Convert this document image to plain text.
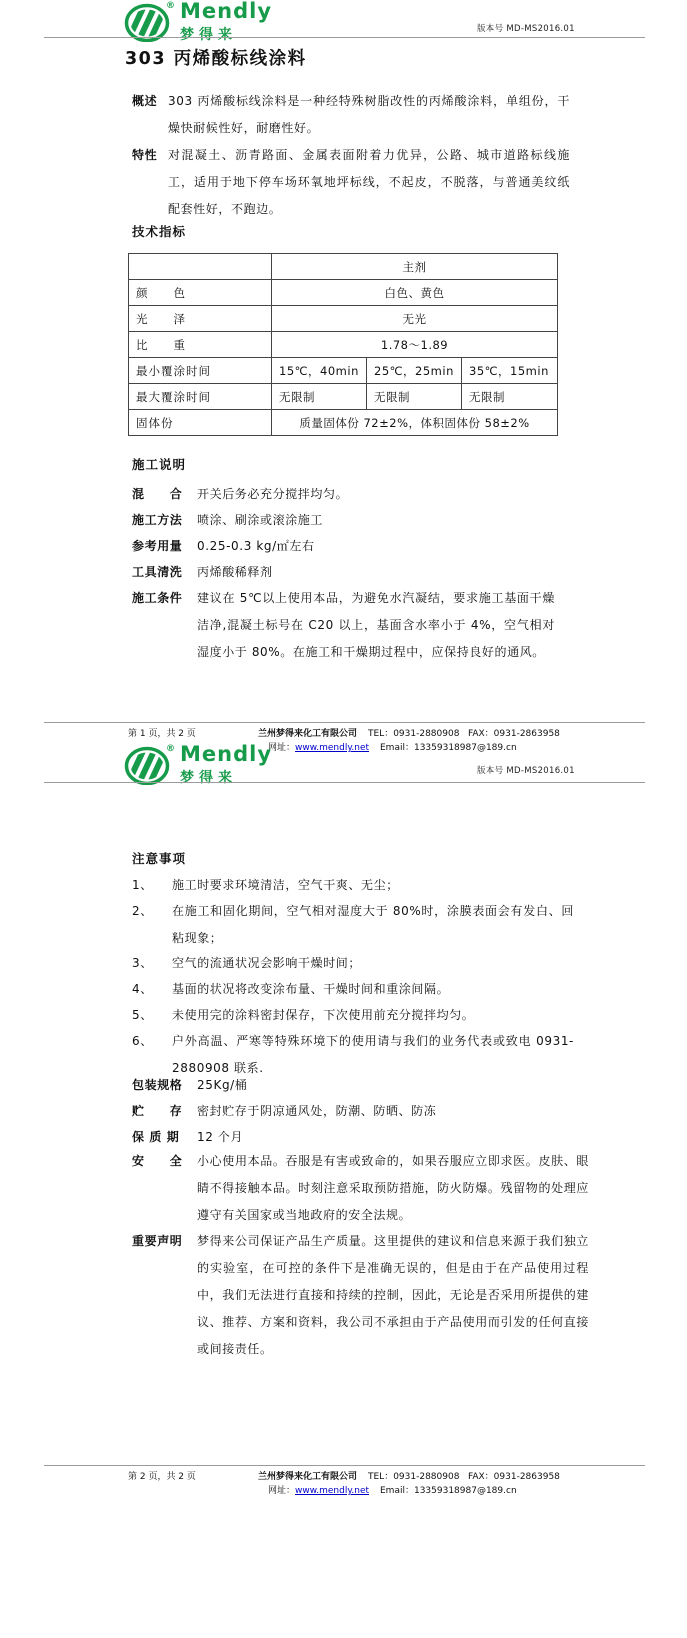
® Mendly
梦得来	版本号 MD-MS2016.01
303 丙烯酸标线涂料
概述 303 丙烯酸标线涂料是一种经特殊树脂改性的丙烯酸涂料，单组份，干燥快耐候性好，耐磨性好。
特性 对混凝土、沥青路面、金属表面附着力优异，公路、城市道路标线施工，适用于地下停车场环氧地坪标线，不起皮，不脱落，与普通美纹纸配套性好，不跑边。
技术指标
	主剂		
颜　　色	白色、黄色		
光　　泽	无光		
比　　重	1.78～1.89		
最小覆涂时间	15℃，40min	25℃，25min	35℃，15min
最大覆涂时间	无限制	无限制	无限制
固体份	质量固体份 72±2%，体积固体份 58±2%		
施工说明
混　　合 开关后务必充分搅拌均匀。
施工方法 喷涂、刷涂或滚涂施工
参考用量 0.25-0.3 kg/㎡左右
工具清洗 丙烯酸稀释剂
施工条件 建议在 5℃以上使用本品，为避免水汽凝结，要求施工基面干燥洁净,混凝土标号在 C20 以上，基面含水率小于 4%，空气相对湿度小于 80%。在施工和干燥期过程中，应保持良好的通风。
第 1 页，共 2 页	兰州梦得来化工有限公司 TEL：0931-2880908 FAX：0931-2863958
网址：www.mendly.net Email：13359318987@189.cn
® Mendly
梦得来	版本号 MD-MS2016.01
注意事项
1、 施工时要求环境清洁，空气干爽、无尘；
2、 在施工和固化期间，空气相对湿度大于 80%时，涂膜表面会有发白、回粘现象；
3、 空气的流通状况会影响干燥时间；
4、 基面的状况将改变涂布量、干燥时间和重涂间隔。
5、 未使用完的涂料密封保存，下次使用前充分搅拌均匀。
6、 户外高温、严寒等特殊环境下的使用请与我们的业务代表或致电 0931-2880908 联系.
包装规格 25Kg/桶
贮　　存 密封贮存于阴凉通风处，防潮、防晒、防冻
保 质 期 12 个月
安　　全 小心使用本品。吞服是有害或致命的，如果吞服应立即求医。皮肤、眼睛不得接触本品。时刻注意采取预防措施，防火防爆。残留物的处理应遵守有关国家或当地政府的安全法规。
重要声明 梦得来公司保证产品生产质量。这里提供的建议和信息来源于我们独立的实验室，在可控的条件下是准确无误的，但是由于在产品使用过程中，我们无法进行直接和持续的控制，因此，无论是否采用所提供的建议、推荐、方案和资料，我公司不承担由于产品使用而引发的任何直接或间接责任。
第 2 页，共 2 页	兰州梦得来化工有限公司 TEL：0931-2880908 FAX：0931-2863958
网址：www.mendly.net Email：13359318987@189.cn
